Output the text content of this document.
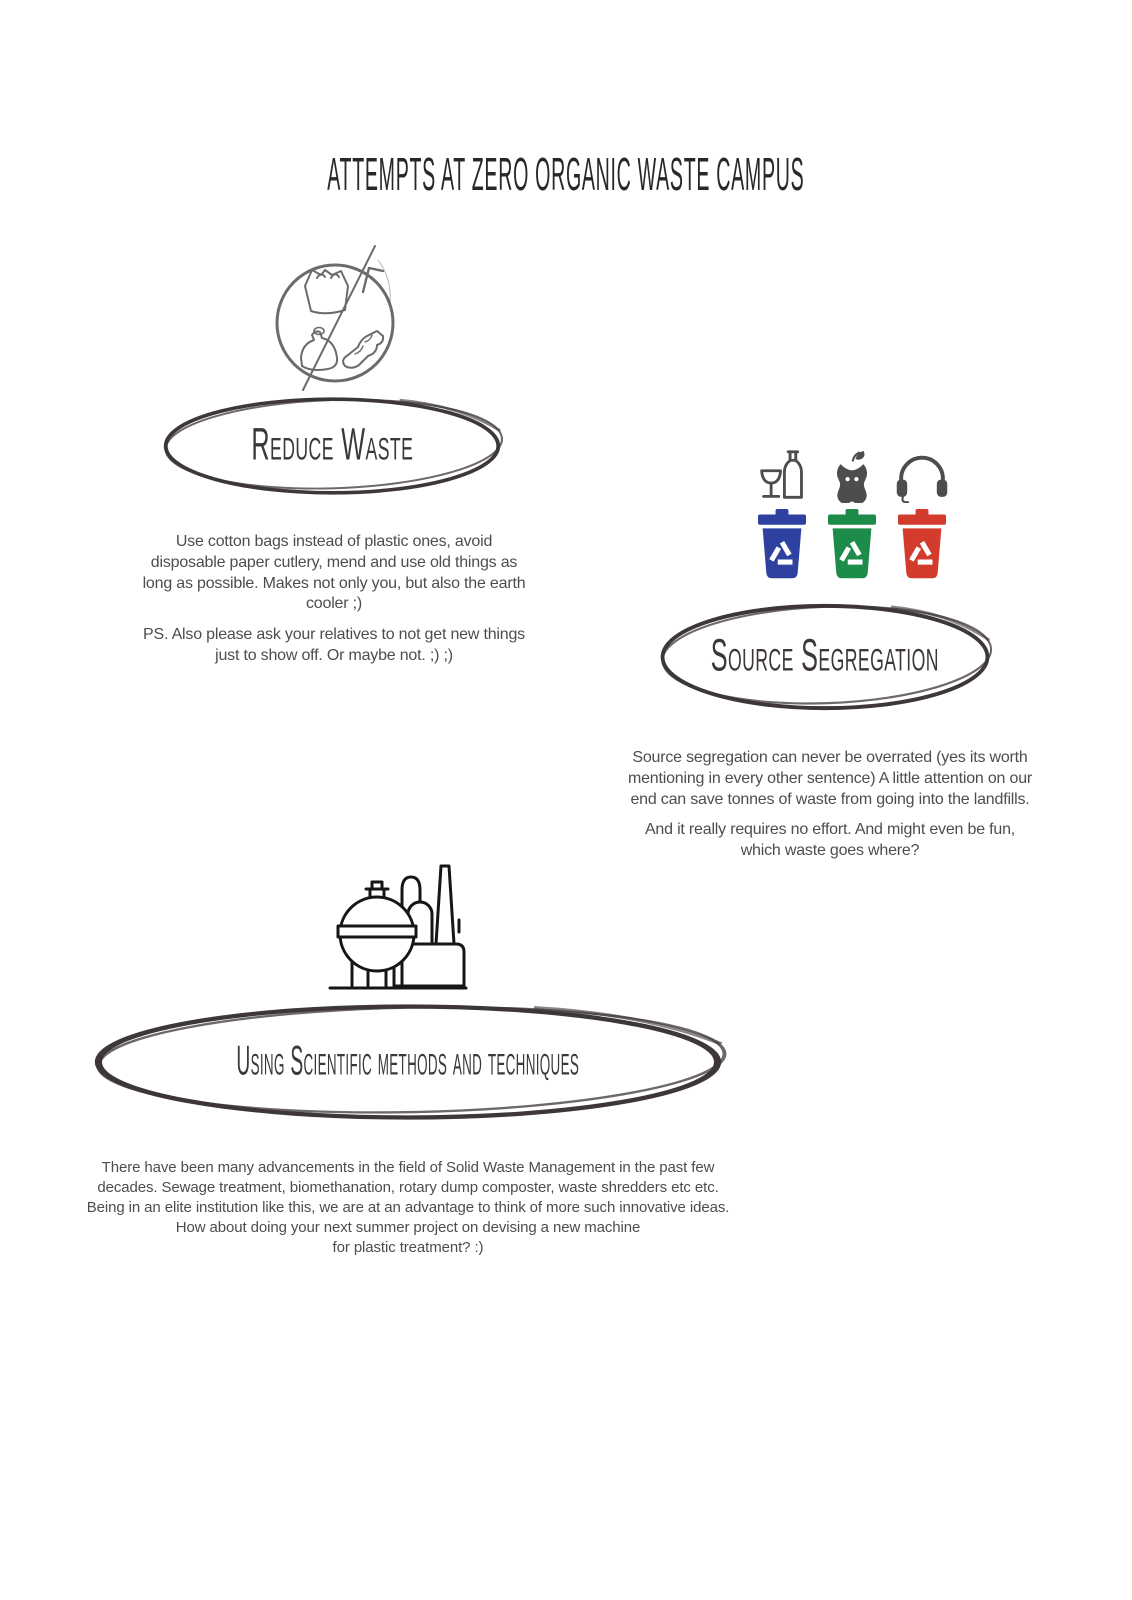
ATTEMPTS AT ZERO ORGANIC WASTE CAMPUS
Reduce Waste

Use cotton bags instead of plastic ones, avoid disposable paper cutlery, mend and use old things as long as possible. Makes not only you, but also the earth cooler ;)

PS. Also please ask your relatives to not get new things just to show off. Or maybe not. ;) ;)	Source Segregation

Source segregation can never be overrated (yes its worth mentioning in every other sentence) A little attention on our end can save tonnes of waste from going into the landfills.

And it really requires no effort. And might even be fun, which waste goes where?

Using Scientific methods and techniques

There have been many advancements in the field of Solid Waste Management in the past few decades. Sewage treatment, biomethanation, rotary dump composter, waste shredders etc etc. Being in an elite institution like this, we are at an advantage to think of more such innovative ideas.

How about doing your next summer project on devising a new machine for plastic treatment? :)
